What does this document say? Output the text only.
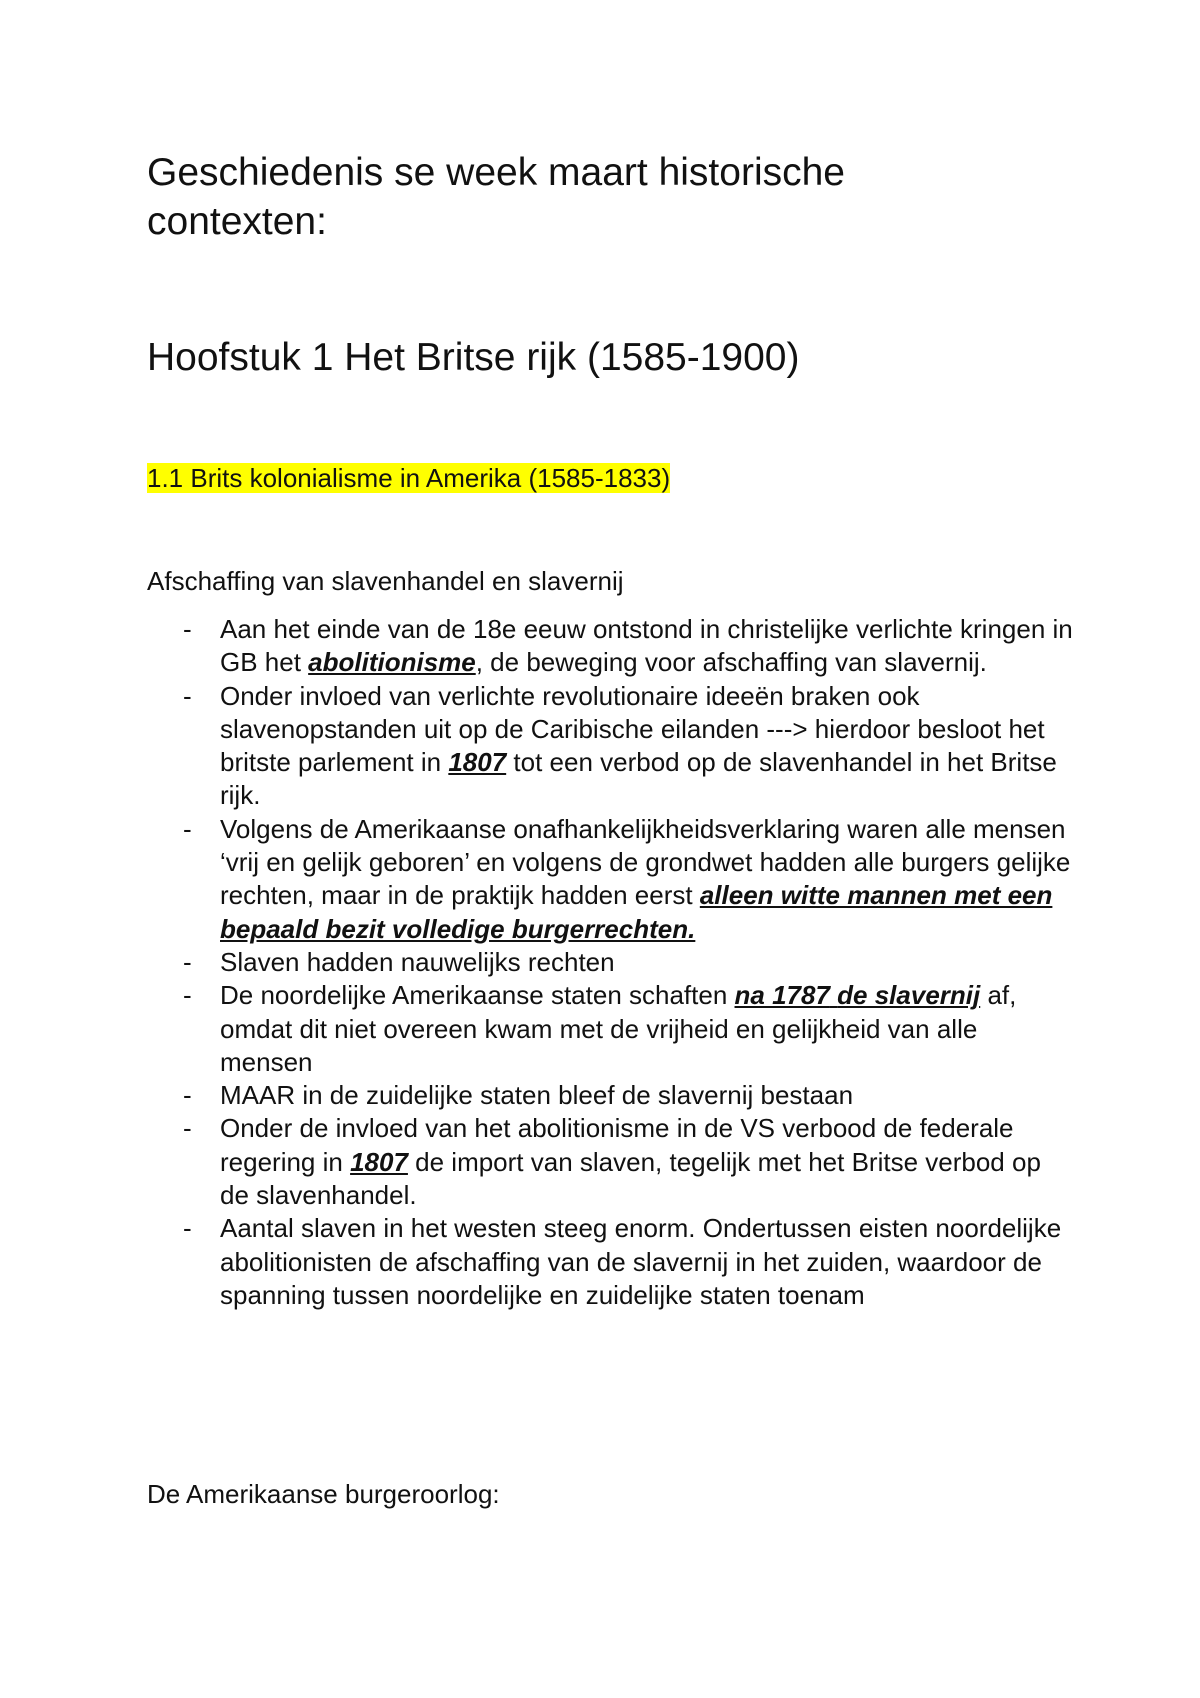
Geschiedenis se week maart historische contexten:
Hoofstuk 1 Het Britse rijk (1585-1900)
1.1 Brits kolonialisme in Amerika (1585-1833)

Afschaffing van slavenhandel en slavernij

- Aan het einde van de 18e eeuw ontstond in christelijke verlichte kringen in GB het abolitionisme, de beweging voor afschaffing van slavernij.
- Onder invloed van verlichte revolutionaire ideeën braken ook slavenopstanden uit op de Caribische eilanden ---> hierdoor besloot het britste parlement in 1807 tot een verbod op de slavenhandel in het Britse rijk.
- Volgens de Amerikaanse onafhankelijkheidsverklaring waren alle mensen ‘vrij en gelijk geboren’ en volgens de grondwet hadden alle burgers gelijke rechten, maar in de praktijk hadden eerst alleen witte mannen met een bepaald bezit volledige burgerrechten.
- Slaven hadden nauwelijks rechten
- De noordelijke Amerikaanse staten schaften na 1787 de slavernij af, omdat dit niet overeen kwam met de vrijheid en gelijkheid van alle mensen
- MAAR in de zuidelijke staten bleef de slavernij bestaan
- Onder de invloed van het abolitionisme in de VS verbood de federale regering in 1807 de import van slaven, tegelijk met het Britse verbod op de slavenhandel.
- Aantal slaven in het westen steeg enorm. Ondertussen eisten noordelijke abolitionisten de afschaffing van de slavernij in het zuiden, waardoor de spanning tussen noordelijke en zuidelijke staten toenam

De Amerikaanse burgeroorlog:
